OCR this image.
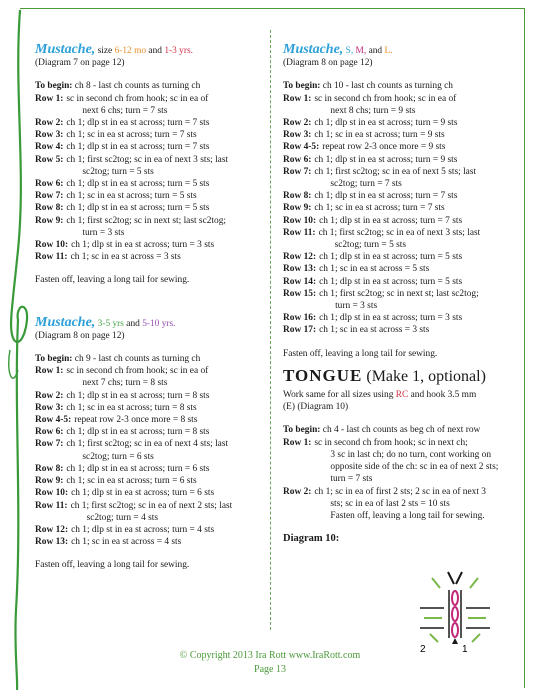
Mustache, size 6-12 mo and 1-3 yrs.

(Diagram 7 on page 12)

To begin: ch 8 - last ch counts as turning ch
Row 1: sc in second ch from hook; sc in ea of
next 6 chs; turn = 7 sts
Row 2: ch 1; dlp st in ea st across; turn = 7 sts
Row 3: ch 1; sc in ea st across; turn = 7 sts
Row 4: ch 1; dlp st in ea st across; turn = 7 sts
Row 5: ch 1; first sc2tog; sc in ea of next 3 sts; last
sc2tog; turn = 5 sts
Row 6: ch 1; dlp st in ea st across; turn = 5 sts
Row 7: ch 1; sc in ea st across; turn = 5 sts
Row 8: ch 1; dlp st in ea st across; turn = 5 sts
Row 9: ch 1; first sc2tog; sc in next st; last sc2tog;
turn = 3 sts
Row 10: ch 1; dlp st in ea st across; turn = 3 sts
Row 11: ch 1; sc in ea st across = 3 sts

Fasten off, leaving a long tail for sewing.

Mustache, 3-5 yrs and 5-10 yrs.

(Diagram 8 on page 12)

To begin: ch 9 - last ch counts as turning ch
Row 1: sc in second ch from hook; sc in ea of
next 7 chs; turn = 8 sts
Row 2: ch 1; dlp st in ea st across; turn = 8 sts
Row 3: ch 1; sc in ea st across; turn = 8 sts
Row 4-5: repeat row 2-3 once more = 8 sts
Row 6: ch 1; dlp st in ea st across; turn = 8 sts
Row 7: ch 1; first sc2tog; sc in ea of next 4 sts; last
sc2tog; turn = 6 sts
Row 8: ch 1; dlp st in ea st across; turn = 6 sts
Row 9: ch 1; sc in ea st across; turn = 6 sts
Row 10: ch 1; dlp st in ea st across; turn = 6 sts
Row 11: ch 1; first sc2tog; sc in ea of next 2 sts; last
sc2tog; turn = 4 sts
Row 12: ch 1; dlp st in ea st across; turn = 4 sts
Row 13: ch 1; sc in ea st across = 4 sts

Fasten off, leaving a long tail for sewing.

Mustache, S, M, and L.

(Diagram 8 on page 12)

To begin: ch 10 - last ch counts as turning ch
Row 1: sc in second ch from hook; sc in ea of
next 8 chs; turn = 9 sts
Row 2: ch 1; dlp st in ea st across; turn = 9 sts
Row 3: ch 1; sc in ea st across; turn = 9 sts
Row 4-5: repeat row 2-3 once more = 9 sts
Row 6: ch 1; dlp st in ea st across; turn = 9 sts
Row 7: ch 1; first sc2tog; sc in ea of next 5 sts; last
sc2tog; turn = 7 sts
Row 8: ch 1; dlp st in ea st across; turn = 7 sts
Row 9: ch 1; sc in ea st across; turn = 7 sts
Row 10: ch 1; dlp st in ea st across; turn = 7 sts
Row 11: ch 1; first sc2tog; sc in ea of next 3 sts; last
sc2tog; turn = 5 sts
Row 12: ch 1; dlp st in ea st across; turn = 5 sts
Row 13: ch 1; sc in ea st across = 5 sts
Row 14: ch 1; dlp st in ea st across; turn = 5 sts
Row 15: ch 1; first sc2tog; sc in next st; last sc2tog;
turn = 3 sts
Row 16: ch 1; dlp st in ea st across; turn = 3 sts
Row 17: ch 1; sc in ea st across = 3 sts

Fasten off, leaving a long tail for sewing.

TONGUE (Make 1, optional)
Work same for all sizes using RC and hook 3.5 mm
(E) (Diagram 10)
To begin: ch 4 - last ch counts as beg ch of next row
Row 1: sc in second ch from hook; sc in next ch;
3 sc in last ch; do no turn, cont working on
opposite side of the ch: sc in ea of next 2 sts;
turn = 7 sts
Row 2: ch 1; sc in ea of first 2 sts; 2 sc in ea of next 3
sts; sc in ea of last 2 sts = 10 sts
Fasten off, leaving a long tail for sewing.
Diagram 10:
2	1
© Copyright 2013 Ira Rott www.IraRott.com
Page 13
